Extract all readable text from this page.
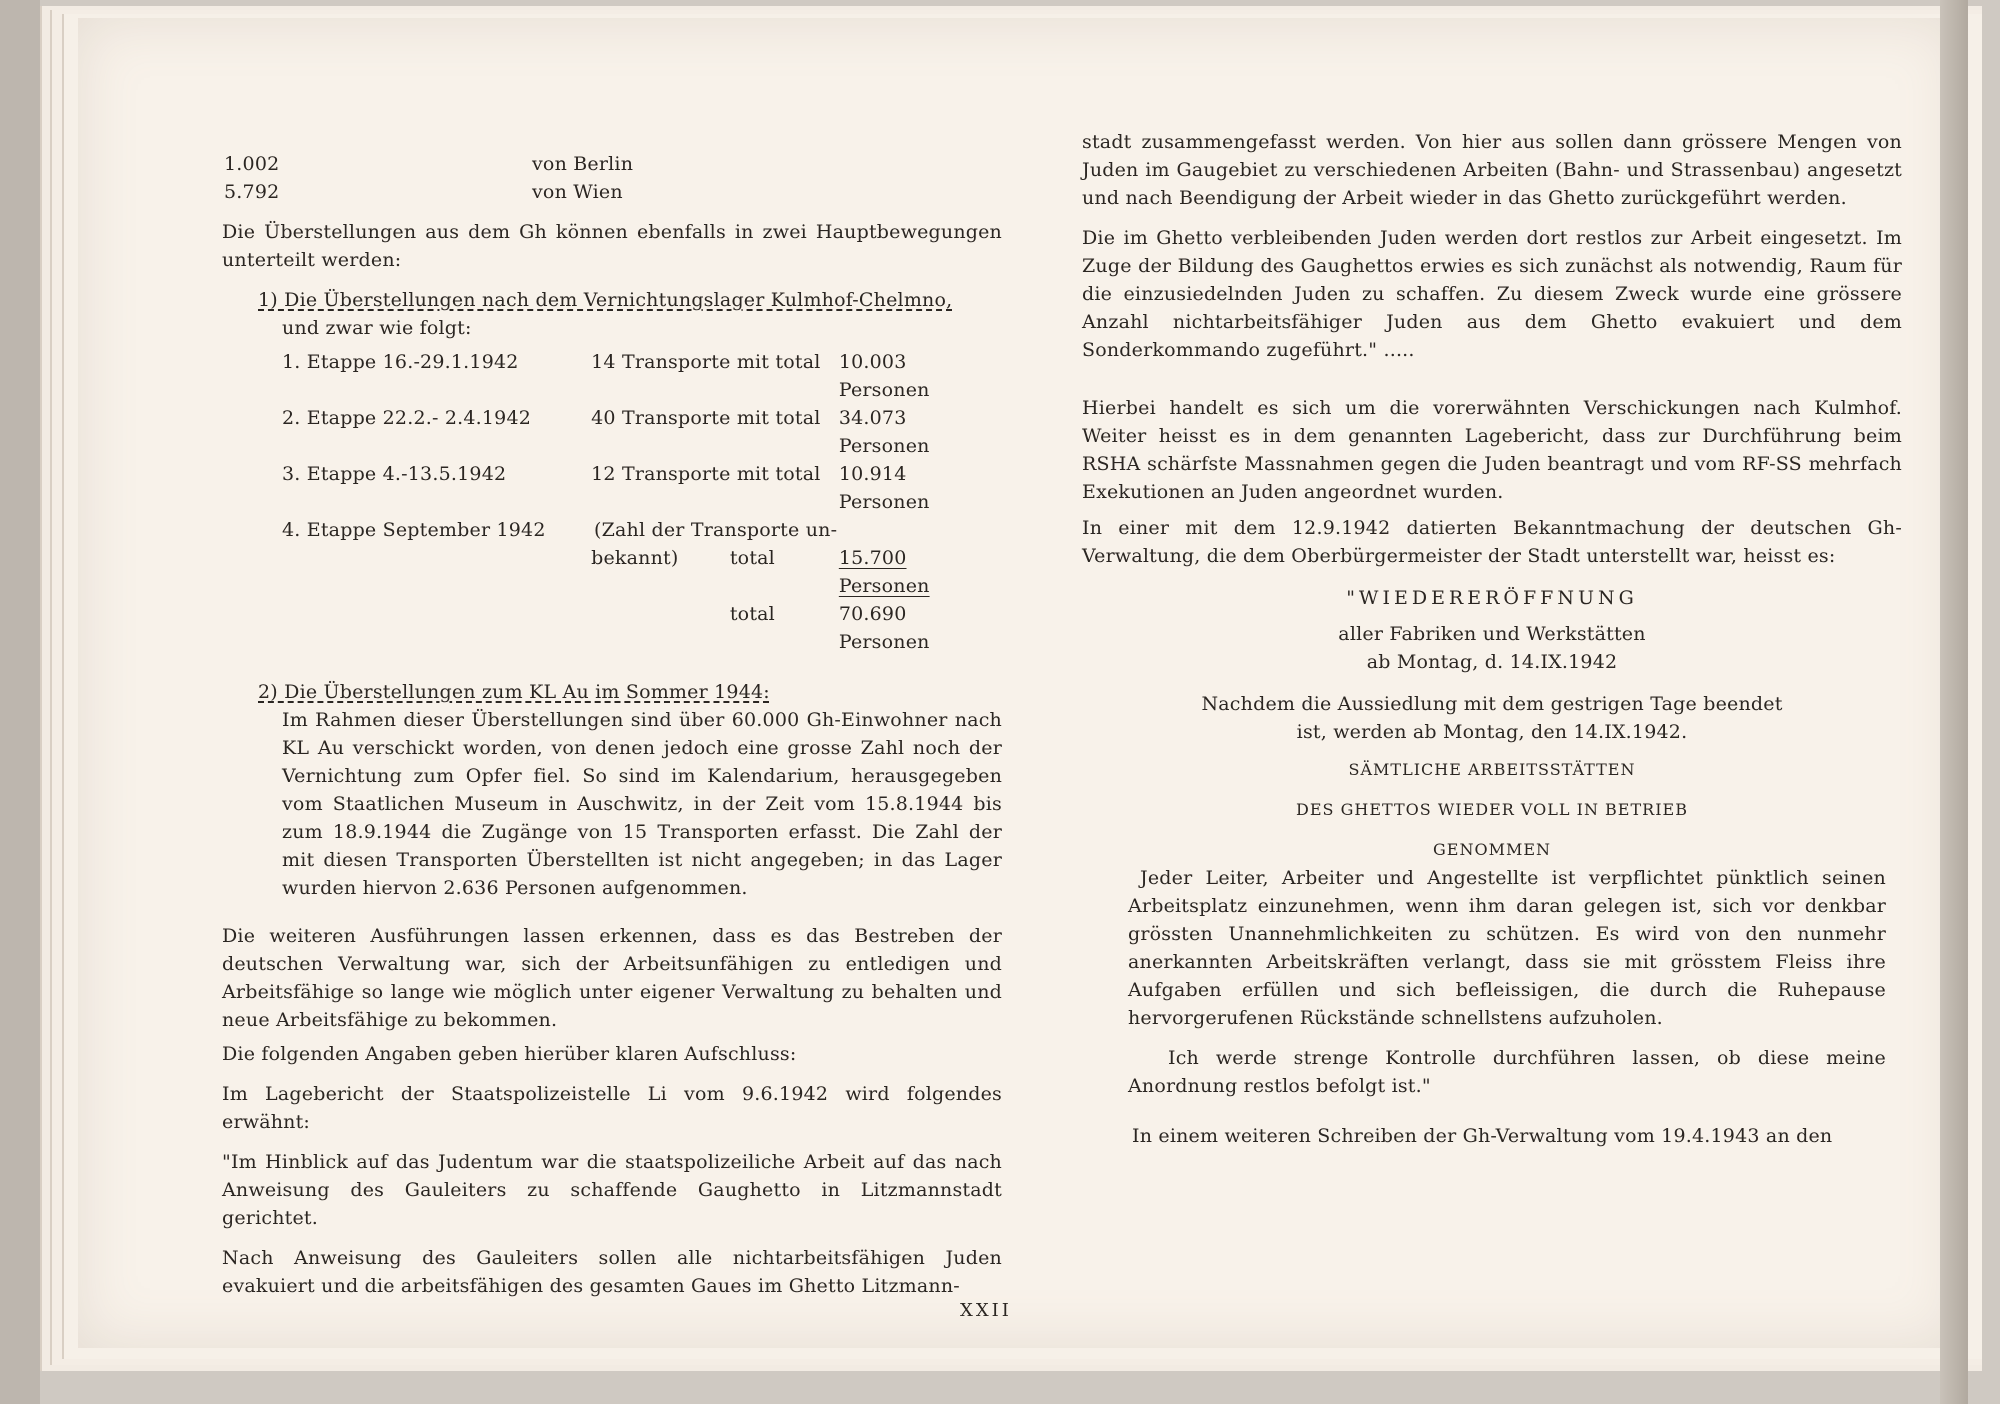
1.002	von Berlin
5.792	von Wien

Die Überstellungen aus dem Gh können ebenfalls in zwei Hauptbewegungen unterteilt werden:

1) Die Überstellungen nach dem Vernichtungslager Kulmhof-Chelmno,

und zwar wie folgt:

1. Etappe 16.-29.1.1942	14 Transporte mit total 10.003 Personen
2. Etappe 22.2.- 2.4.1942	40 Transporte mit total 34.073 Personen
3. Etappe 4.-13.5.1942	12 Transporte mit total 10.914 Personen
4. Etappe September 1942	(Zahl der Transporte un-
bekannt)	total	15.700 Personen
total	70.690 Personen

2) Die Überstellungen zum KL Au im Sommer 1944:

Im Rahmen dieser Überstellungen sind über 60.000 Gh-Einwohner nach KL Au verschickt worden, von denen jedoch eine grosse Zahl noch der Vernichtung zum Opfer fiel. So sind im Kalendarium, herausgegeben vom Staatlichen Museum in Auschwitz, in der Zeit vom 15.8.1944 bis zum 18.9.1944 die Zugänge von 15 Transporten erfasst. Die Zahl der mit diesen Transporten Überstellten ist nicht angegeben; in das Lager wurden hiervon 2.636 Personen aufgenommen.

Die weiteren Ausführungen lassen erkennen, dass es das Bestreben der deutschen Verwaltung war, sich der Arbeitsunfähigen zu entledigen und Arbeitsfähige so lange wie möglich unter eigener Verwaltung zu behalten und neue Arbeitsfähige zu bekommen.

Die folgenden Angaben geben hierüber klaren Aufschluss:

Im Lagebericht der Staatspolizeistelle Li vom 9.6.1942 wird folgendes erwähnt:

"Im Hinblick auf das Judentum war die staatspolizeiliche Arbeit auf das nach Anweisung des Gauleiters zu schaffende Gaughetto in Litzmannstadt gerichtet.

Nach Anweisung des Gauleiters sollen alle nichtarbeitsfähigen Juden evakuiert und die arbeitsfähigen des gesamten Gaues im Ghetto Litzmann-

stadt zusammengefasst werden. Von hier aus sollen dann grössere Mengen von Juden im Gaugebiet zu verschiedenen Arbeiten (Bahn- und Strassenbau) angesetzt und nach Beendigung der Arbeit wieder in das Ghetto zurückgeführt werden.

Die im Ghetto verbleibenden Juden werden dort restlos zur Arbeit eingesetzt. Im Zuge der Bildung des Gaughettos erwies es sich zunächst als notwendig, Raum für die einzusiedelnden Juden zu schaffen. Zu diesem Zweck wurde eine grössere Anzahl nichtarbeitsfähiger Juden aus dem Ghetto evakuiert und dem Sonderkommando zugeführt." .....

Hierbei handelt es sich um die vorerwähnten Verschickungen nach Kulmhof. Weiter heisst es in dem genannten Lagebericht, dass zur Durchführung beim RSHA schärfste Massnahmen gegen die Juden beantragt und vom RF-SS mehrfach Exekutionen an Juden angeordnet wurden.

In einer mit dem 12.9.1942 datierten Bekanntmachung der deutschen Gh-Verwaltung, die dem Oberbürgermeister der Stadt unterstellt war, heisst es:

"WIEDERERÖFFNUNG

aller Fabriken und Werkstätten

ab Montag, d. 14.IX.1942

Nachdem die Aussiedlung mit dem gestrigen Tage beendet

ist, werden ab Montag, den 14.IX.1942.

SÄMTLICHE ARBEITSSTÄTTEN

DES GHETTOS WIEDER VOLL IN BETRIEB

GENOMMEN

Jeder Leiter, Arbeiter und Angestellte ist verpflichtet pünktlich seinen Arbeitsplatz einzunehmen, wenn ihm daran gelegen ist, sich vor denkbar grössten Unannehmlichkeiten zu schützen. Es wird von den nunmehr anerkannten Arbeitskräften verlangt, dass sie mit grösstem Fleiss ihre Aufgaben erfüllen und sich befleissigen, die durch die Ruhepause hervorgerufenen Rückstände schnellstens aufzuholen.

Ich werde strenge Kontrolle durchführen lassen, ob diese meine Anordnung restlos befolgt ist."

In einem weiteren Schreiben der Gh-Verwaltung vom 19.4.1943 an den

XXII
